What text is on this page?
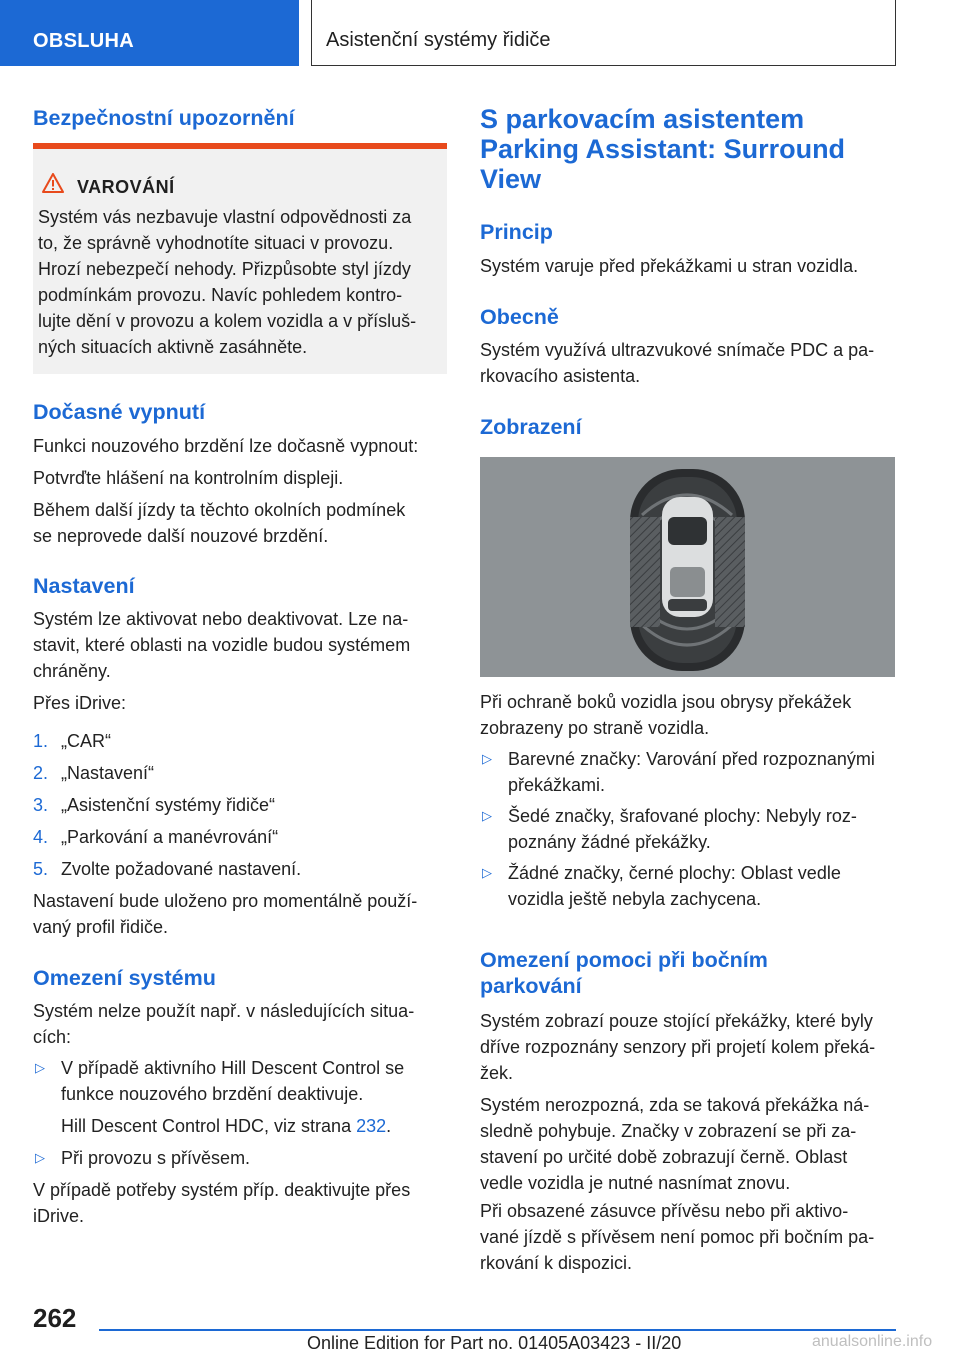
OBSLUHA	Asistenční systémy řidiče
Bezpečnostní upozornění
VAROVÁNÍ
Systém vás nezbavuje vlastní odpovědnosti za
to, že správně vyhodnotíte situaci v provozu.
Hrozí nebezpečí nehody. Přizpůsobte styl jízdy
podmínkám provozu. Navíc pohledem kontro-
lujte dění v provozu a kolem vozidla a v přísluš-
ných situacích aktivně zasáhněte.
Dočasné vypnutí
Funkci nouzového brzdění lze dočasně vypnout:
Potvrďte hlášení na kontrolním displeji.
Během další jízdy ta těchto okolních podmínek
se neprovede další nouzové brzdění.
Nastavení
Systém lze aktivovat nebo deaktivovat. Lze na-
stavit, které oblasti na vozidle budou systémem
chráněny.
Přes iDrive:
1. „CAR“
2. „Nastavení“
3. „Asistenční systémy řidiče“
4. „Parkování a manévrování“
5. Zvolte požadované nastavení.
Nastavení bude uloženo pro momentálně použí-
vaný profil řidiče.
Omezení systému
Systém nelze použít např. v následujících situa-
cích:
▷ V případě aktivního Hill Descent Control se
funkce nouzového brzdění deaktivuje.
Hill Descent Control HDC, viz strana 232.
▷ Při provozu s přívěsem.
V případě potřeby systém příp. deaktivujte přes
iDrive.
S parkovacím asistentem
Parking Assistant: Surround
View
Princip
Systém varuje před překážkami u stran vozidla.
Obecně
Systém využívá ultrazvukové snímače PDC a pa-
rkovacího asistenta.
Zobrazení
Při ochraně boků vozidla jsou obrysy překážek
zobrazeny po straně vozidla.
▷ Barevné značky: Varování před rozpoznanými
překážkami.
▷ Šedé značky, šrafované plochy: Nebyly roz-
poznány žádné překážky.
▷ Žádné značky, černé plochy: Oblast vedle
vozidla ještě nebyla zachycena.
Omezení pomoci při bočním
parkování
Systém zobrazí pouze stojící překážky, které byly
dříve rozpoznány senzory při projetí kolem překá-
žek.
Systém nerozpozná, zda se taková překážka ná-
sledně pohybuje. Značky v zobrazení se při za-
stavení po určité době zobrazují černě. Oblast
vedle vozidla je nutné nasnímat znovu.
Při obsazené zásuvce přívěsu nebo při aktivo-
vané jízdě s přívěsem není pomoc při bočním pa-
rkování k dispozici.
262
Online Edition for Part no. 01405A03423 - II/20	anualsonline.info
